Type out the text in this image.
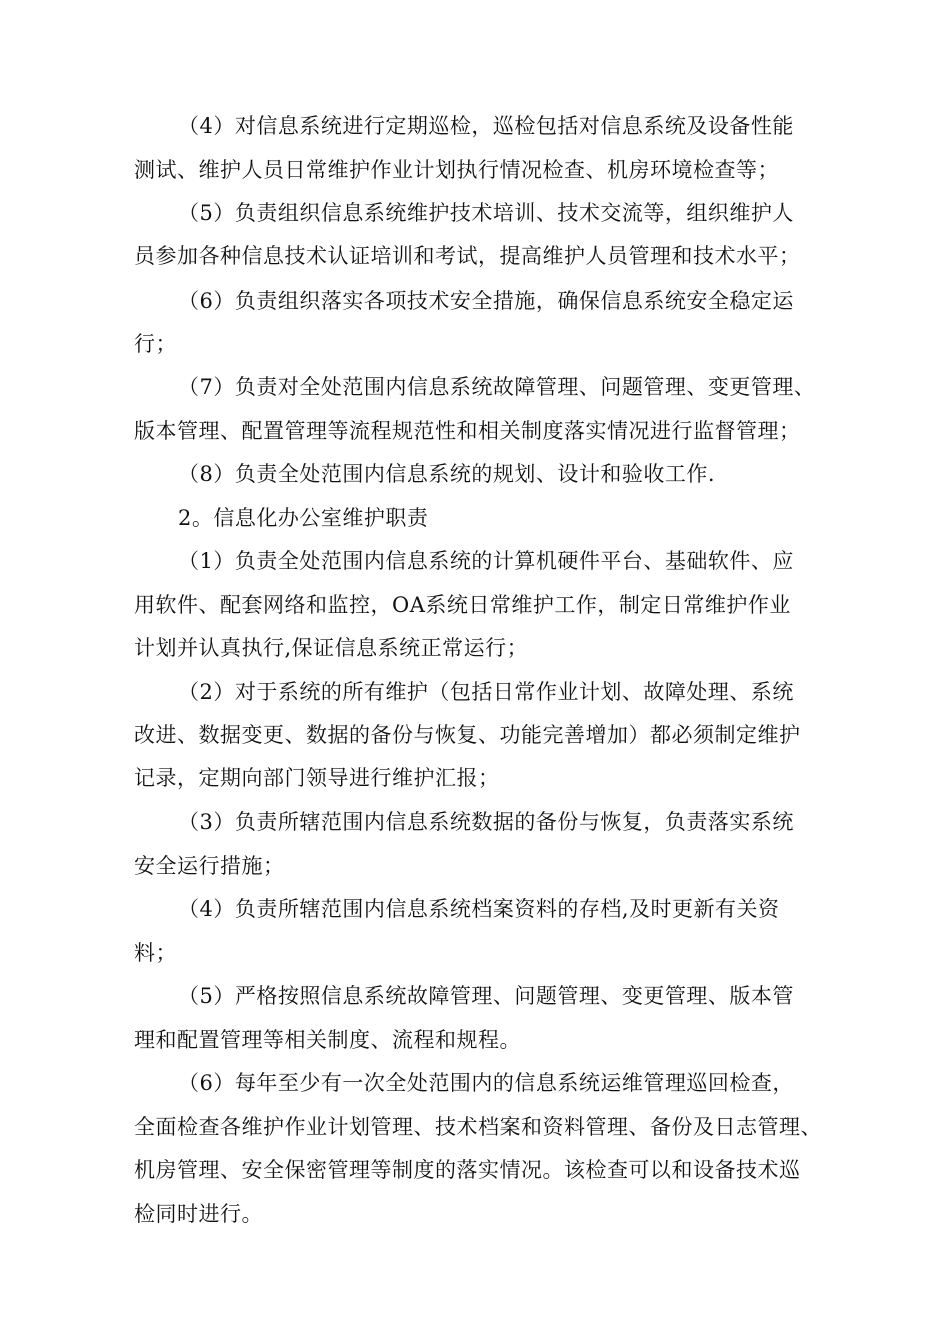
（4）对信息系统进行定期巡检，巡检包括对信息系统及设备性能
测试、维护人员日常维护作业计划执行情况检查、机房环境检查等；
（5）负责组织信息系统维护技术培训、技术交流等，组织维护人
员参加各种信息技术认证培训和考试，提高维护人员管理和技术水平；
（6）负责组织落实各项技术安全措施，确保信息系统安全稳定运
行；
（7）负责对全处范围内信息系统故障管理、问题管理、变更管理、
版本管理、配置管理等流程规范性和相关制度落实情况进行监督管理；
（8）负责全处范围内信息系统的规划、设计和验收工作.
2。信息化办公室维护职责
（1）负责全处范围内信息系统的计算机硬件平台、基础软件、应
用软件、配套网络和监控，OA系统日常维护工作，制定日常维护作业
计划并认真执行,保证信息系统正常运行；
（2）对于系统的所有维护（包括日常作业计划、故障处理、系统
改进、数据变更、数据的备份与恢复、功能完善增加）都必须制定维护
记录，定期向部门领导进行维护汇报；
（3）负责所辖范围内信息系统数据的备份与恢复，负责落实系统
安全运行措施；
（4）负责所辖范围内信息系统档案资料的存档,及时更新有关资
料；
（5）严格按照信息系统故障管理、问题管理、变更管理、版本管
理和配置管理等相关制度、流程和规程。
（6）每年至少有一次全处范围内的信息系统运维管理巡回检查，
全面检查各维护作业计划管理、技术档案和资料管理、备份及日志管理、
机房管理、安全保密管理等制度的落实情况。该检查可以和设备技术巡
检同时进行。
